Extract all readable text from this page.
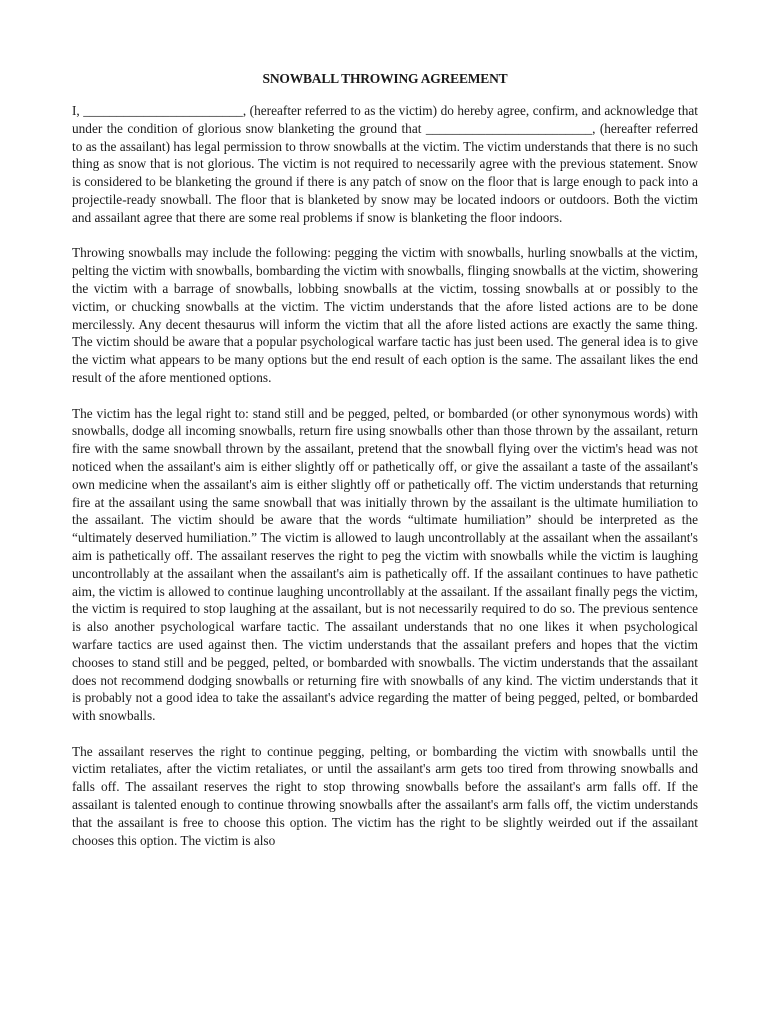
SNOWBALL THROWING AGREEMENT

I, ________________________, (hereafter referred to as the victim) do hereby agree, confirm, and acknowledge that under the condition of glorious snow blanketing the ground that _________________________, (hereafter referred to as the assailant) has legal permission to throw snowballs at the victim. The victim understands that there is no such thing as snow that is not glorious. The victim is not required to necessarily agree with the previous statement. Snow is considered to be blanketing the ground if there is any patch of snow on the floor that is large enough to pack into a projectile-ready snowball. The floor that is blanketed by snow may be located indoors or outdoors. Both the victim and assailant agree that there are some real problems if snow is blanketing the floor indoors.

Throwing snowballs may include the following: pegging the victim with snowballs, hurling snowballs at the victim, pelting the victim with snowballs, bombarding the victim with snowballs, flinging snowballs at the victim, showering the victim with a barrage of snowballs, lobbing snowballs at the victim, tossing snowballs at or possibly to the victim, or chucking snowballs at the victim. The victim understands that the afore listed actions are to be done mercilessly. Any decent thesaurus will inform the victim that all the afore listed actions are exactly the same thing. The victim should be aware that a popular psychological warfare tactic has just been used. The general idea is to give the victim what appears to be many options but the end result of each option is the same. The assailant likes the end result of the afore mentioned options.

The victim has the legal right to: stand still and be pegged, pelted, or bombarded (or other synonymous words) with snowballs, dodge all incoming snowballs, return fire using snowballs other than those thrown by the assailant, return fire with the same snowball thrown by the assailant, pretend that the snowball flying over the victim's head was not noticed when the assailant's aim is either slightly off or pathetically off, or give the assailant a taste of the assailant's own medicine when the assailant's aim is either slightly off or pathetically off. The victim understands that returning fire at the assailant using the same snowball that was initially thrown by the assailant is the ultimate humiliation to the assailant. The victim should be aware that the words “ultimate humiliation” should be interpreted as the “ultimately deserved humiliation.” The victim is allowed to laugh uncontrollably at the assailant when the assailant's aim is pathetically off. The assailant reserves the right to peg the victim with snowballs while the victim is laughing uncontrollably at the assailant when the assailant's aim is pathetically off. If the assailant continues to have pathetic aim, the victim is allowed to continue laughing uncontrollably at the assailant. If the assailant finally pegs the victim, the victim is required to stop laughing at the assailant, but is not necessarily required to do so. The previous sentence is also another psychological warfare tactic. The assailant understands that no one likes it when psychological warfare tactics are used against then. The victim understands that the assailant prefers and hopes that the victim chooses to stand still and be pegged, pelted, or bombarded with snowballs. The victim understands that the assailant does not recommend dodging snowballs or returning fire with snowballs of any kind. The victim understands that it is probably not a good idea to take the assailant's advice regarding the matter of being pegged, pelted, or bombarded with snowballs.

The assailant reserves the right to continue pegging, pelting, or bombarding the victim with snowballs until the victim retaliates, after the victim retaliates, or until the assailant's arm gets too tired from throwing snowballs and falls off. The assailant reserves the right to stop throwing snowballs before the assailant's arm falls off. If the assailant is talented enough to continue throwing snowballs after the assailant's arm falls off, the victim understands that the assailant is free to choose this option. The victim has the right to be slightly weirded out if the assailant chooses this option. The victim is also
